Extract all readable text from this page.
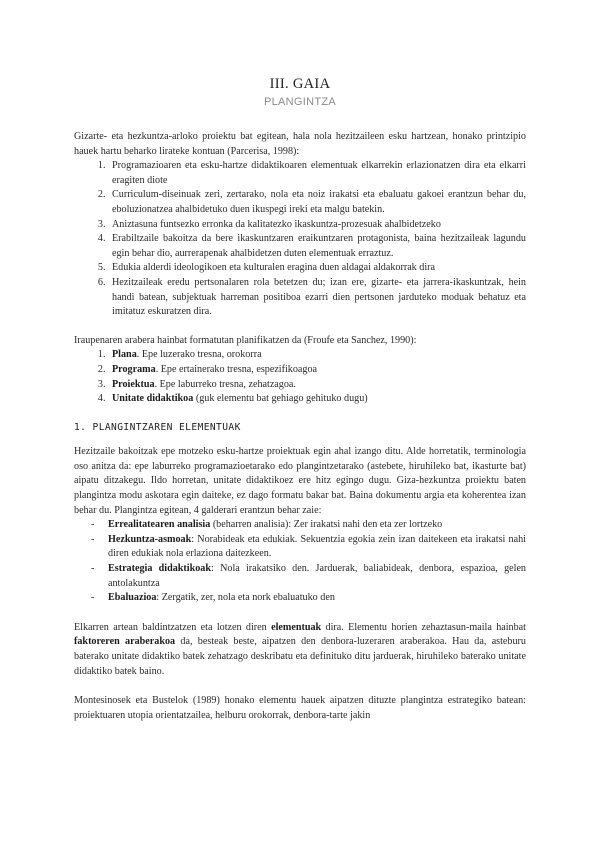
III. GAIA
PLANGINTZA

Gizarte- eta hezkuntza-arloko proiektu bat egitean, hala nola hezitzaileen esku hartzean, honako printzipio hauek hartu beharko lirateke kontuan (Parcerisa, 1998):

1. Programazioaren eta esku-hartze didaktikoaren elementuak elkarrekin erlazionatzen dira eta elkarri eragiten diote
2. Curriculum-diseinuak zeri, zertarako, nola eta noiz irakatsi eta ebaluatu gakoei erantzun behar du, eboluzionatzea ahalbidetuko duen ikuspegi ireki eta malgu batekin.
3. Aniztasuna funtsezko erronka da kalitatezko ikaskuntza-prozesuak ahalbidetzeko
4. Erabiltzaile bakoitza da bere ikaskuntzaren eraikuntzaren protagonista, baina hezitzaileak lagundu egin behar dio, aurrerapenak ahalbidetzen duten elementuak erraztuz.
5. Edukia alderdi ideologikoen eta kulturalen eragina duen aldagai aldakorrak dira
6. Hezitzaileak eredu pertsonalaren rola betetzen du; izan ere, gizarte- eta jarrera-ikaskuntzak, hein handi batean, subjektuak harreman positiboa ezarri dien pertsonen jarduteko moduak behatuz eta imitatuz eskuratzen dira.

Iraupenaren arabera hainbat formatutan planifikatzen da (Froufe eta Sanchez, 1990):

1. Plana. Epe luzerako tresna, orokorra
2. Programa. Epe ertainerako tresna, espezifikoagoa
3. Proiektua. Epe laburreko tresna, zehatzagoa.
4. Unitate didaktikoa (guk elementu bat gehiago gehituko dugu)
1. PLANGINTZAREN ELEMENTUAK

Hezitzaile bakoitzak epe motzeko esku-hartze proiektuak egin ahal izango ditu. Alde horretatik, terminologia oso anitza da: epe laburreko programazioetarako edo plangintzetarako (astebete, hiruhileko bat, ikasturte bat) aipatu ditzakegu. Ildo horretan, unitate didaktikoez ere hitz egingo dugu. Giza-hezkuntza proiektu baten plangintza modu askotara egin daiteke, ez dago formatu bakar bat. Baina dokumentu argia eta koherentea izan behar du. Plangintza egitean, 4 galderari erantzun behar zaie:

- Errealitatearen analisia (beharren analisia): Zer irakatsi nahi den eta zer lortzeko
- Hezkuntza-asmoak: Norabideak eta edukiak. Sekuentzia egokia zein izan daitekeen eta irakatsi nahi diren edukiak nola erlaziona daitezkeen.
- Estrategia didaktikoak: Nola irakatsiko den. Jarduerak, baliabideak, denbora, espazioa, gelen antolakuntza
- Ebaluazioa: Zergatik, zer, nola eta nork ebaluatuko den

Elkarren artean baldintzatzen eta lotzen diren elementuak dira. Elementu horien zehaztasun-maila hainbat faktoreren araberakoa da, besteak beste, aipatzen den denbora-luzeraren araberakoa. Hau da, asteburu baterako unitate didaktiko batek zehatzago deskribatu eta definituko ditu jarduerak, hiruhileko baterako unitate didaktiko batek baino.

Montesinosek eta Bustelok (1989) honako elementu hauek aipatzen dituzte plangintza estrategiko batean: proiektuaren utopia orientatzailea, helburu orokorrak, denbora-tarte jakin
